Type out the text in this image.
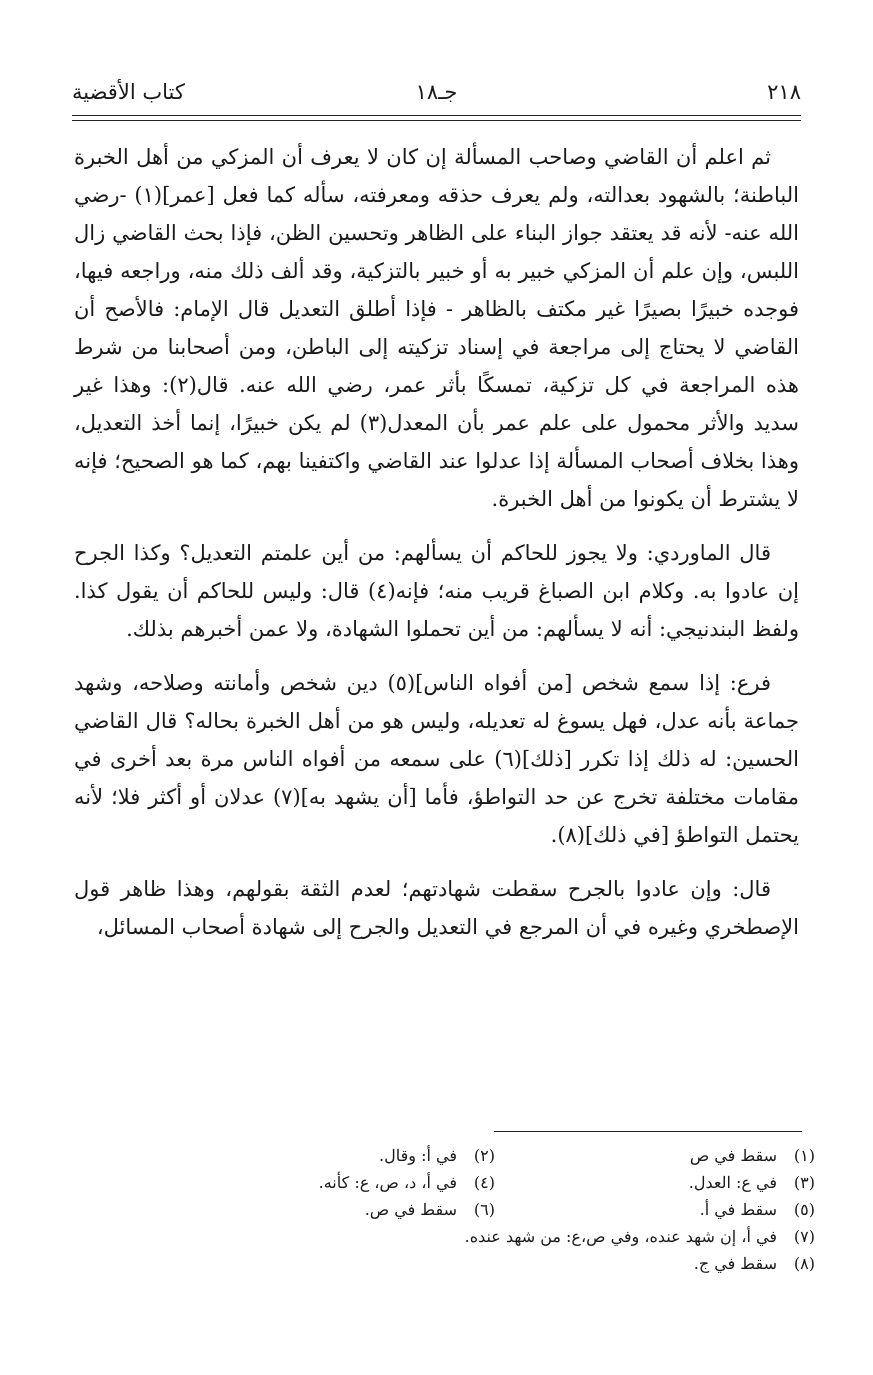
٢١٨
جـ١٨
كتاب الأقضية

ثم اعلم أن القاضي وصاحب المسألة إن كان لا يعرف أن المزكي من أهل الخبرة الباطنة؛ بالشهود بعدالته، ولم يعرف حذقه ومعرفته، سأله كما فعل [عمر](١) -رضي الله عنه- لأنه قد يعتقد جواز البناء على الظاهر وتحسين الظن، فإذا بحث القاضي زال اللبس، وإن علم أن المزكي خبير به أو خبير بالتزكية، وقد ألف ذلك منه، وراجعه فيها، فوجده خبيرًا بصيرًا غير مكتف بالظاهر - فإذا أطلق التعديل قال الإمام: فالأصح أن القاضي لا يحتاج إلى مراجعة في إسناد تزكيته إلى الباطن، ومن أصحابنا من شرط هذه المراجعة في كل تزكية، تمسكًا بأثر عمر، رضي الله عنه. قال(٢): وهذا غير سديد والأثر محمول على علم عمر بأن المعدل(٣) لم يكن خبيرًا، إنما أخذ التعديل، وهذا بخلاف أصحاب المسألة إذا عدلوا عند القاضي واكتفينا بهم، كما هو الصحيح؛ فإنه لا يشترط أن يكونوا من أهل الخبرة.

قال الماوردي: ولا يجوز للحاكم أن يسألهم: من أين علمتم التعديل؟ وكذا الجرح إن عادوا به. وكلام ابن الصباغ قريب منه؛ فإنه(٤) قال: وليس للحاكم أن يقول كذا. ولفظ البندنيجي: أنه لا يسألهم: من أين تحملوا الشهادة، ولا عمن أخبرهم بذلك.

فرع: إذا سمع شخص [من أفواه الناس](٥) دين شخص وأمانته وصلاحه، وشهد جماعة بأنه عدل، فهل يسوغ له تعديله، وليس هو من أهل الخبرة بحاله؟ قال القاضي الحسين: له ذلك إذا تكرر [ذلك](٦) على سمعه من أفواه الناس مرة بعد أخرى في مقامات مختلفة تخرج عن حد التواطؤ، فأما [أن يشهد به](٧) عدلان أو أكثر فلا؛ لأنه يحتمل التواطؤ [في ذلك](٨).

قال: وإن عادوا بالجرح سقطت شهادتهم؛ لعدم الثقة بقولهم، وهذا ظاهر قول الإصطخري وغيره في أن المرجع في التعديل والجرح إلى شهادة أصحاب المسائل،

(١)سقط في ص
(٢)في أ: وقال.
(٣)في ع: العدل.
(٤)في أ، د، ص، ع: كأنه.
(٥)سقط في أ.
(٦)سقط في ص.
(٧)في أ، إن شهد عنده، وفي ص،ع: من شهد عنده.
(٨)سقط في ج.
